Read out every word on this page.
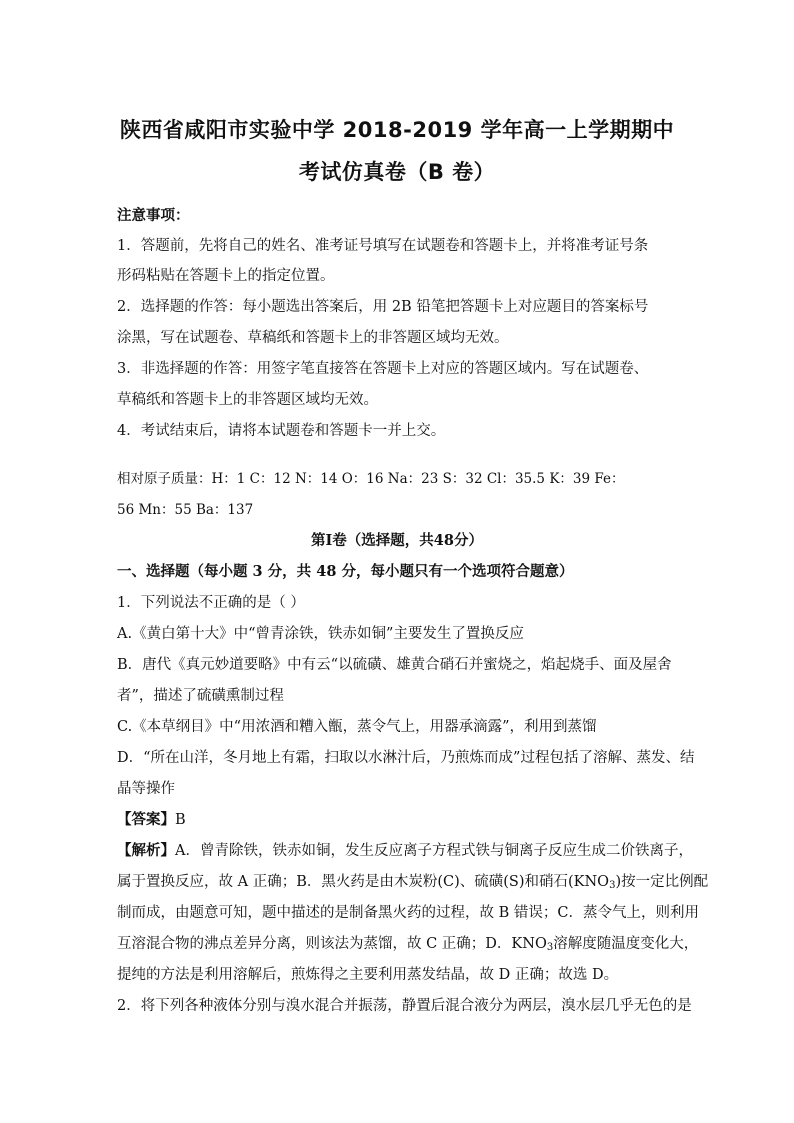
陕西省咸阳市实验中学 2018-2019 学年高一上学期期中
考试仿真卷（B 卷）
注意事项：
1．答题前，先将自己的姓名、准考证号填写在试题卷和答题卡上，并将准考证号条
形码粘贴在答题卡上的指定位置。
2．选择题的作答：每小题选出答案后，用 2B 铅笔把答题卡上对应题目的答案标号
涂黑，写在试题卷、草稿纸和答题卡上的非答题区域均无效。
3．非选择题的作答：用签字笔直接答在答题卡上对应的答题区域内。写在试题卷、
草稿纸和答题卡上的非答题区域均无效。
4．考试结束后，请将本试题卷和答题卡一并上交。
相对原子质量：H：1 C：12 N：14 O：16 Na：23 S：32 Cl：35.5 K：39 Fe：
56 Mn：55 Ba：137
第Ⅰ卷（选择题，共48分）
一、选择题（每小题 3 分，共 48 分，每小题只有一个选项符合题意）
1．下列说法不正确的是（ ）
A.《黄白第十大》中“曾青涂铁，铁赤如铜”主要发生了置换反应
B．唐代《真元妙道要略》中有云“以硫磺、雄黄合硝石并蜜烧之，焰起烧手、面及屋舍
者”，描述了硫磺熏制过程
C.《本草纲目》中“用浓酒和糟入甑，蒸令气上，用器承滴露”，利用到蒸馏
D．“所在山洋，冬月地上有霜，扫取以水淋汁后，乃煎炼而成”过程包括了溶解、蒸发、结
晶等操作
【答案】B
【解析】A．曾青除铁，铁赤如铜，发生反应离子方程式铁与铜离子反应生成二价铁离子，
属于置换反应，故 A 正确；B．黑火药是由木炭粉(C)、硫磺(S)和硝石$(KNO_3)$按一定比例配
制而成，由题意可知，题中描述的是制备黑火药的过程，故 B 错误；C．蒸令气上，则利用
互溶混合物的沸点差异分离，则该法为蒸馏，故 C 正确；D．$KNO_3$溶解度随温度变化大，
提纯的方法是利用溶解后，煎炼得之主要利用蒸发结晶，故 D 正确；故选 D。
2．将下列各种液体分别与溴水混合并振荡，静置后混合液分为两层，溴水层几乎无色的是
